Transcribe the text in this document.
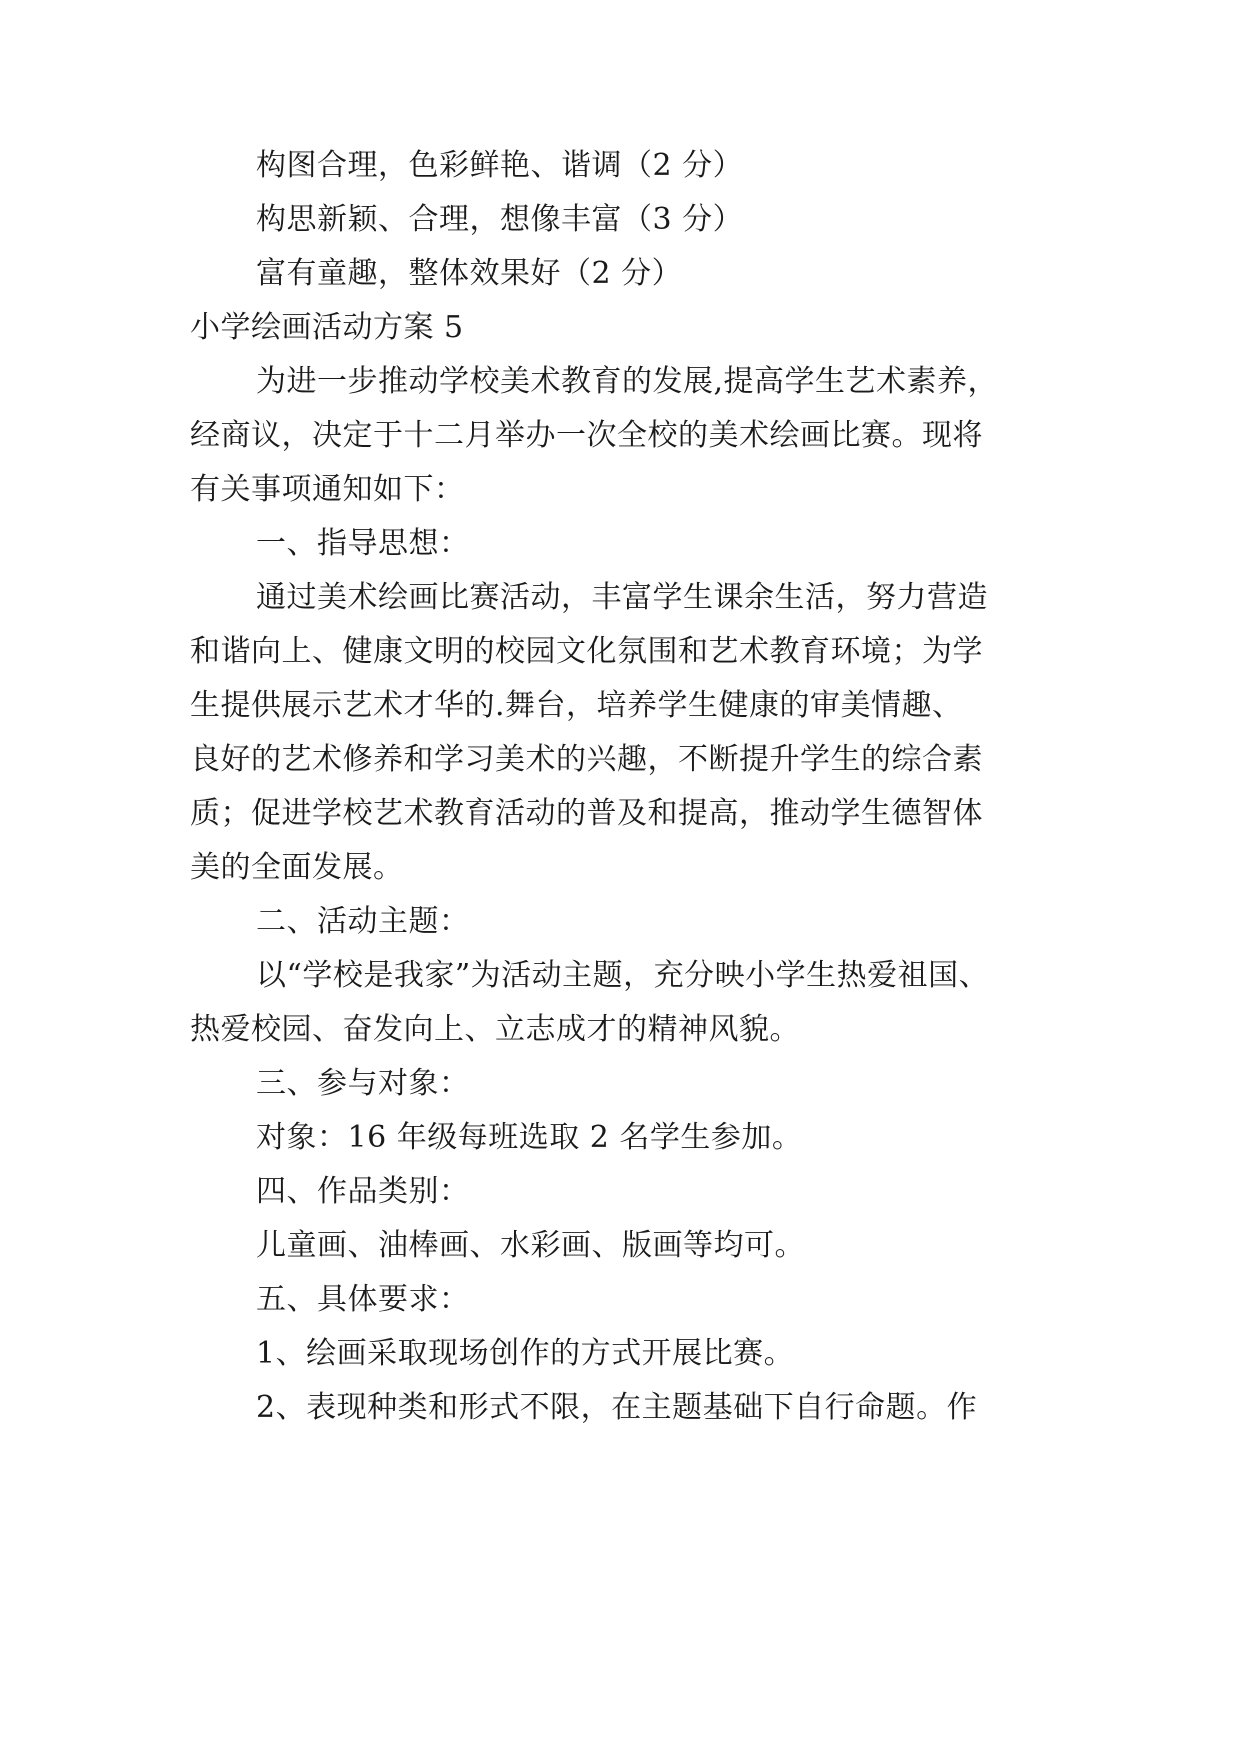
构图合理，色彩鲜艳、谐调（2 分）
构思新颖、合理，想像丰富（3 分）
富有童趣，整体效果好（2 分）
小学绘画活动方案 5
为进一步推动学校美术教育的发展,提高学生艺术素养，
经商议，决定于十二月举办一次全校的美术绘画比赛。现将
有关事项通知如下：
一、指导思想：
通过美术绘画比赛活动，丰富学生课余生活，努力营造
和谐向上、健康文明的校园文化氛围和艺术教育环境；为学
生提供展示艺术才华的.舞台，培养学生健康的审美情趣、
良好的艺术修养和学习美术的兴趣，不断提升学生的综合素
质；促进学校艺术教育活动的普及和提高，推动学生德智体
美的全面发展。
二、活动主题：
以“学校是我家”为活动主题，充分映小学生热爱祖国、
热爱校园、奋发向上、立志成才的精神风貌。
三、参与对象：
对象：16 年级每班选取 2 名学生参加。
四、作品类别：
儿童画、油棒画、水彩画、版画等均可。
五、具体要求：
1、绘画采取现场创作的方式开展比赛。
2、表现种类和形式不限，在主题基础下自行命题。作
